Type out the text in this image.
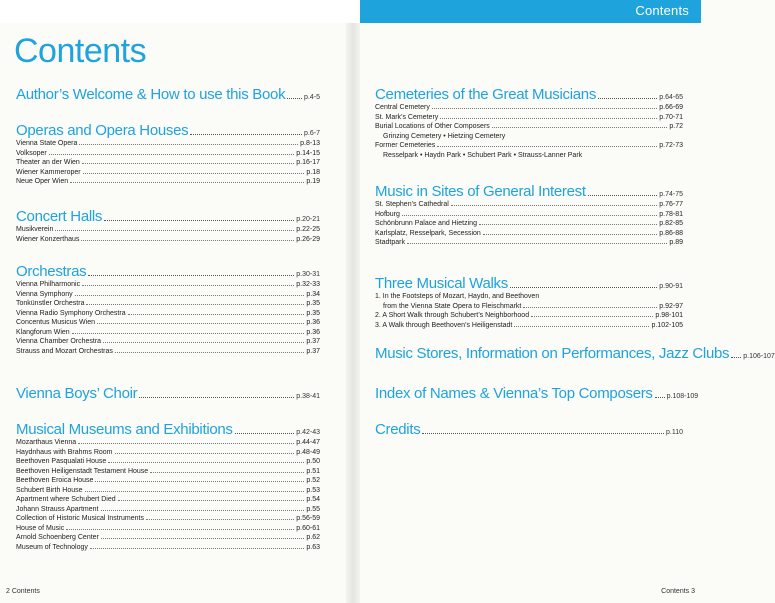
Contents
Contents
Author’s Welcome & How to use this Book	p.4-5
Operas and Opera Houses	p.6-7
Vienna State Opera	p.8-13
Volksoper	p.14-15
Theater an der Wien	p.16-17
Wiener Kammeroper	p.18
Neue Oper Wien	p.19
Concert Halls	p.20-21
Musikverein	p.22-25
Wiener Konzerthaus	p.26-29
Orchestras	p.30-31
Vienna Philharmonic	p.32-33
Vienna Symphony	p.34
Tonkünstler Orchestra	p.35
Vienna Radio Symphony Orchestra	p.35
Concentus Musicus Wien	p.36
Klangforum Wien	p.36
Vienna Chamber Orchestra	p.37
Strauss and Mozart Orchestras	p.37
Vienna Boys’ Choir	p.38-41
Musical Museums and Exhibitions	p.42-43
Mozarthaus Vienna	p.44-47
Haydnhaus with Brahms Room	p.48-49
Beethoven Pasqualati House	p.50
Beethoven Heiligenstadt Testament House	p.51
Beethoven Eroica House	p.52
Schubert Birth House	p.53
Apartment where Schubert Died	p.54
Johann Strauss Apartment	p.55
Collection of Historic Musical Instruments	p.56-59
House of Music	p.60-61
Arnold Schoenberg Center	p.62
Museum of Technology	p.63
Cemeteries of the Great Musicians	p.64-65
Central Cemetery	p.66-69
St. Mark’s Cemetery	p.70-71
Burial Locations of Other Composers	p.72
Grinzing Cemetery • Hietzing Cemetery
Former Cemeteries	p.72-73
Resselpark • Haydn Park • Schubert Park • Strauss-Lanner Park
Music in Sites of General Interest	p.74-75
St. Stephen’s Cathedral	p.76-77
Hofburg	p.78-81
Schönbrunn Palace and Hietzing	p.82-85
Karlsplatz, Resselpark, Secession	p.86-88
Stadtpark	p.89
Three Musical Walks	p.90-91
1. In the Footsteps of Mozart, Haydn, and Beethoven
from the Vienna State Opera to Fleischmarkt	p.92-97
2. A Short Walk through Schubert’s Neighborhood	p.98-101
3. A Walk through Beethoven’s Heiligenstadt	p.102-105
Music Stores, Information on Performances, Jazz Clubs p.106-107
Index of Names & Vienna’s Top Composers p.108-109
Credits	p.110
2 Contents	Contents 3
